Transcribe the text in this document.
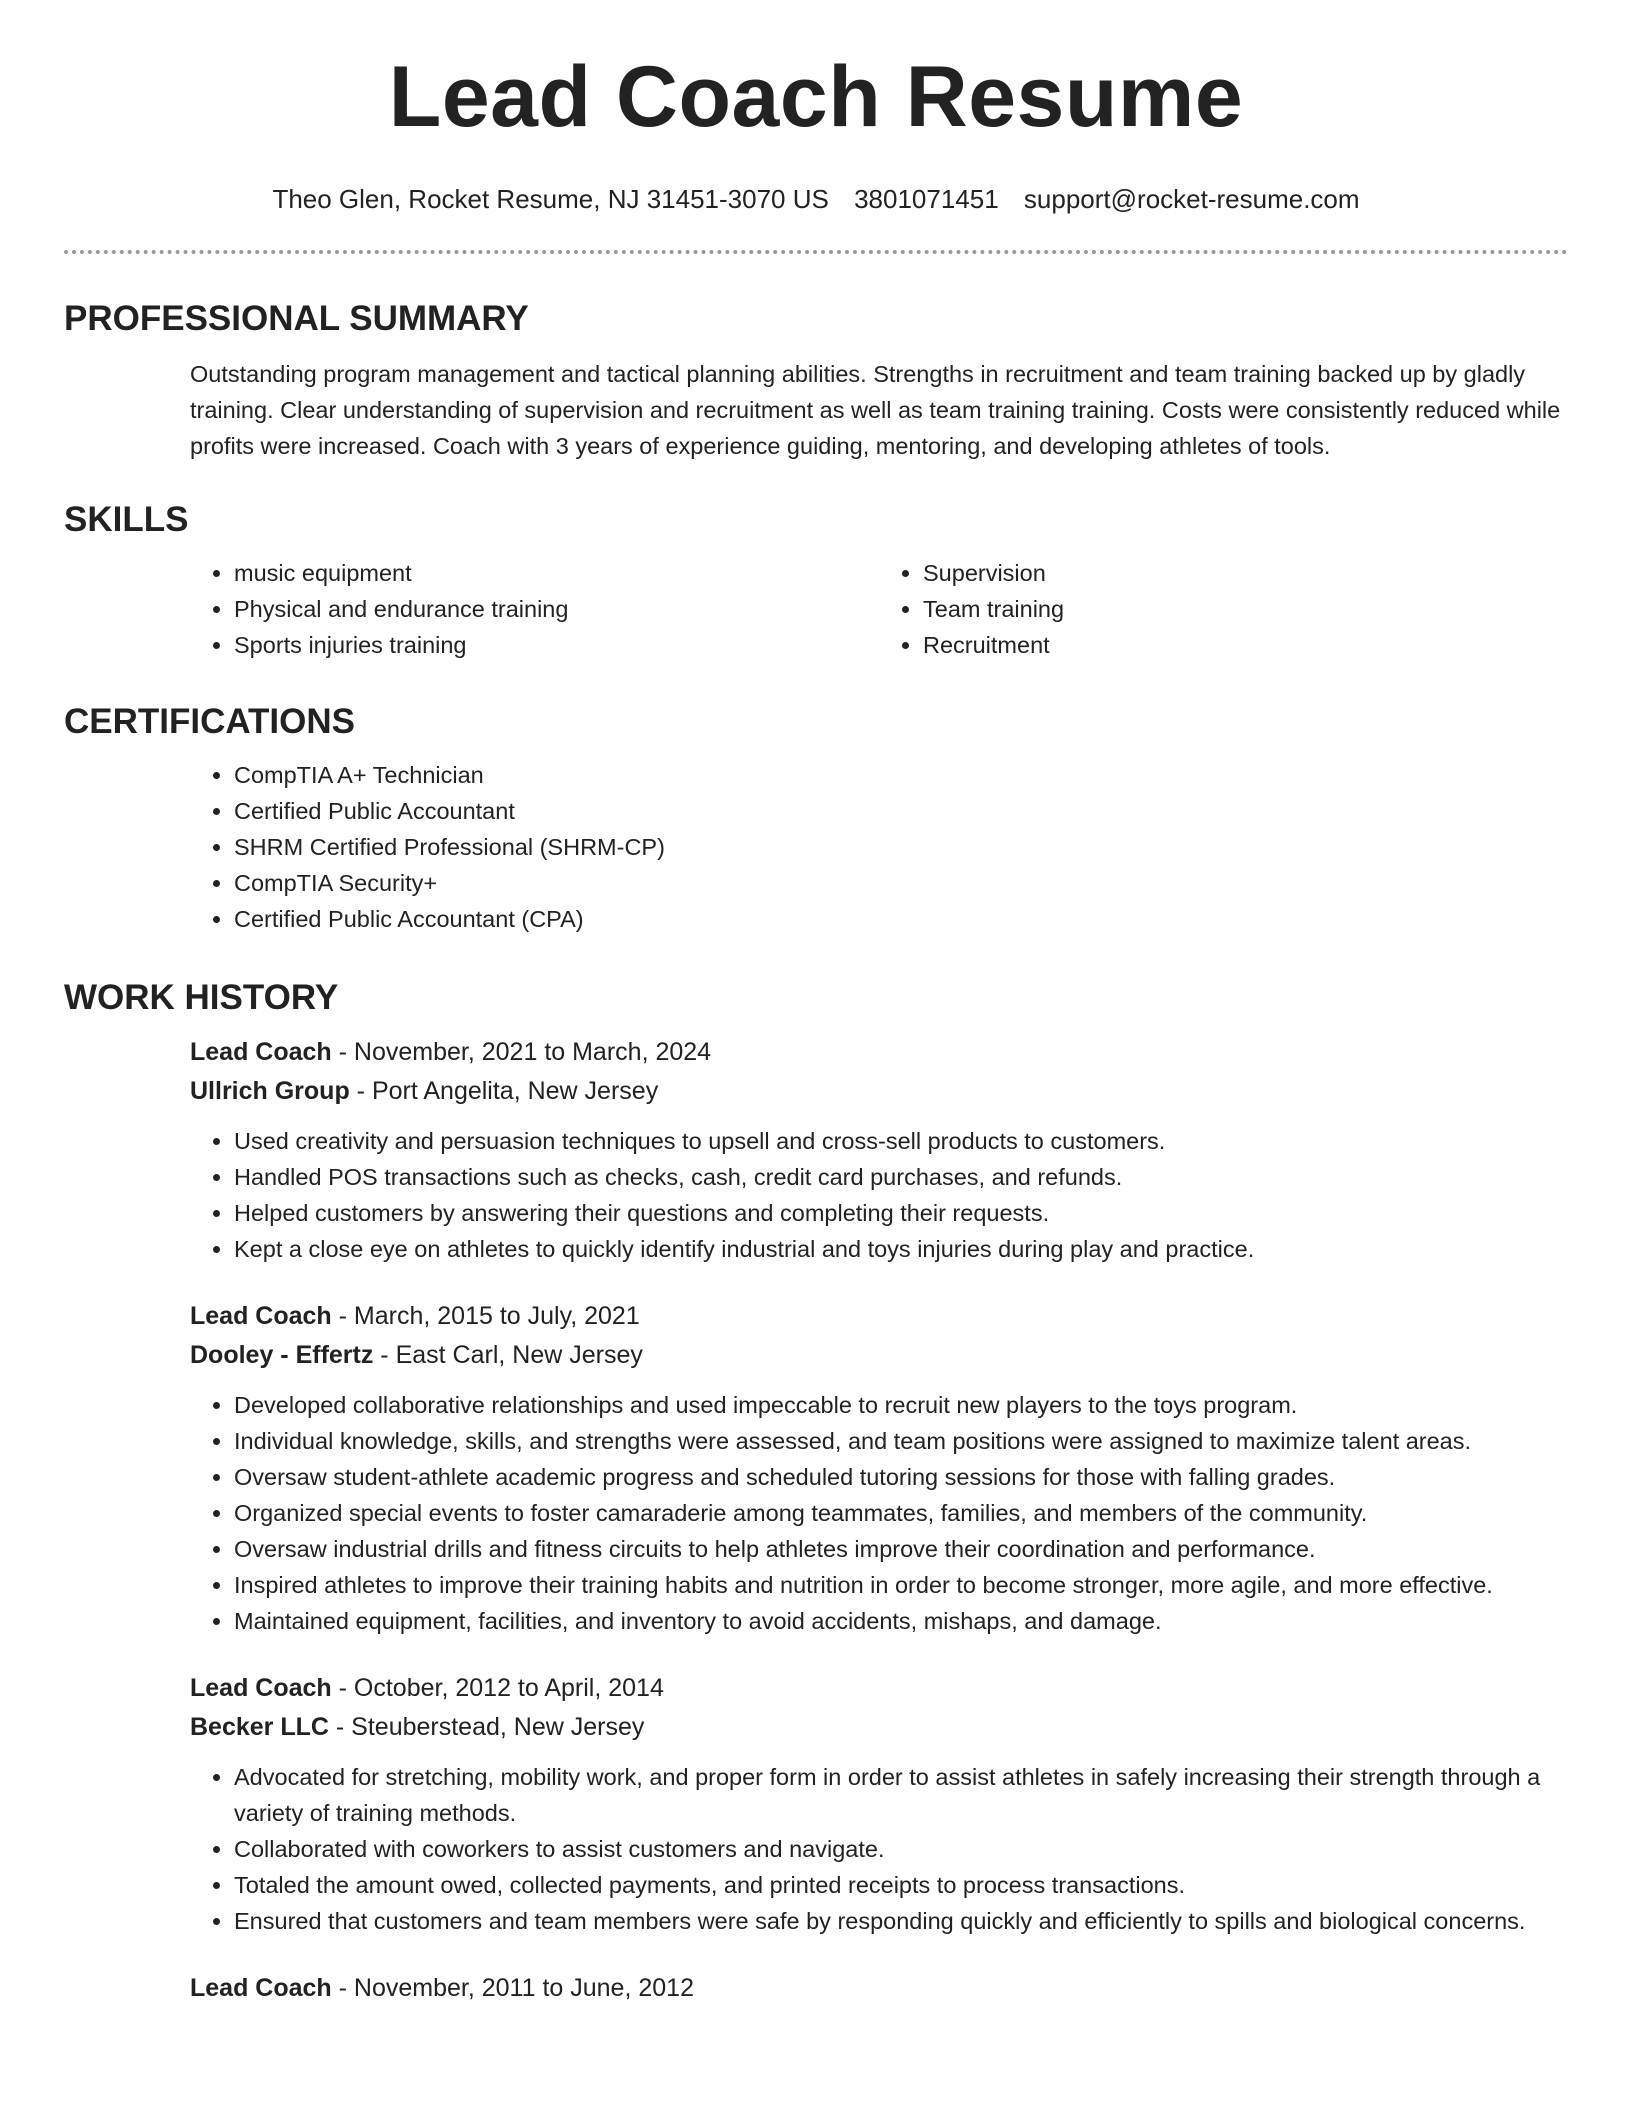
Lead Coach Resume
Theo Glen, Rocket Resume, NJ 31451-3070 US 3801071451 support@rocket-resume.com
PROFESSIONAL SUMMARY
Outstanding program management and tactical planning abilities. Strengths in recruitment and team training backed up by gladly training. Clear understanding of supervision and recruitment as well as team training training. Costs were consistently reduced while profits were increased. Coach with 3 years of experience guiding, mentoring, and developing athletes of tools.
SKILLS
• music equipment
• Physical and endurance training
• Sports injuries training
• Supervision
• Team training
• Recruitment
CERTIFICATIONS
• CompTIA A+ Technician
• Certified Public Accountant
• SHRM Certified Professional (SHRM-CP)
• CompTIA Security+
• Certified Public Accountant (CPA)
WORK HISTORY
Lead Coach - November, 2021 to March, 2024
Ullrich Group - Port Angelita, New Jersey
• Used creativity and persuasion techniques to upsell and cross-sell products to customers.
• Handled POS transactions such as checks, cash, credit card purchases, and refunds.
• Helped customers by answering their questions and completing their requests.
• Kept a close eye on athletes to quickly identify industrial and toys injuries during play and practice.
Lead Coach - March, 2015 to July, 2021
Dooley - Effertz - East Carl, New Jersey
• Developed collaborative relationships and used impeccable to recruit new players to the toys program.
• Individual knowledge, skills, and strengths were assessed, and team positions were assigned to maximize talent areas.
• Oversaw student-athlete academic progress and scheduled tutoring sessions for those with falling grades.
• Organized special events to foster camaraderie among teammates, families, and members of the community.
• Oversaw industrial drills and fitness circuits to help athletes improve their coordination and performance.
• Inspired athletes to improve their training habits and nutrition in order to become stronger, more agile, and more effective.
• Maintained equipment, facilities, and inventory to avoid accidents, mishaps, and damage.
Lead Coach - October, 2012 to April, 2014
Becker LLC - Steuberstead, New Jersey
• Advocated for stretching, mobility work, and proper form in order to assist athletes in safely increasing their strength through a variety of training methods.
• Collaborated with coworkers to assist customers and navigate.
• Totaled the amount owed, collected payments, and printed receipts to process transactions.
• Ensured that customers and team members were safe by responding quickly and efficiently to spills and biological concerns.
Lead Coach - November, 2011 to June, 2012
